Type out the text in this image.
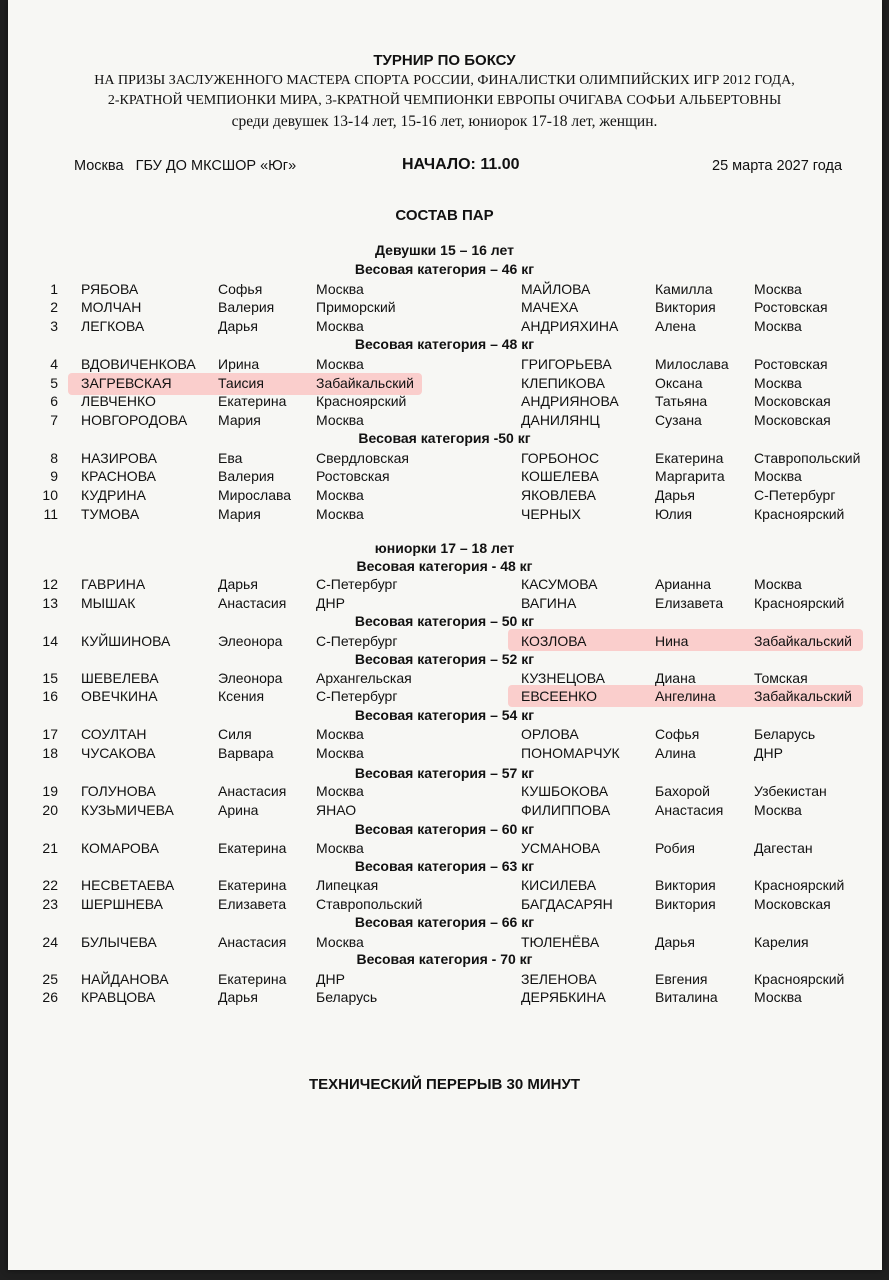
ТУРНИР ПО БОКСУ
НА ПРИЗЫ ЗАСЛУЖЕННОГО МАСТЕРА СПОРТА РОССИИ, ФИНАЛИСТКИ ОЛИМПИЙСКИХ ИГР 2012 ГОДА,
2-КРАТНОЙ ЧЕМПИОНКИ МИРА, 3-КРАТНОЙ ЧЕМПИОНКИ ЕВРОПЫ ОЧИГАВА СОФЬИ АЛЬБЕРТОВНЫ
среди девушек 13-14 лет, 15-16 лет, юниорок 17-18 лет, женщин.
Москва   ГБУ ДО МКСШОР «Юг»	НАЧАЛО: 11.00	25 марта 2027 года
СОСТАВ ПАР
Девушки 15 – 16 лет
Весовая категория – 46 кг
Весовая категория – 48 кг
Весовая категория -50 кг
юниорки 17 – 18 лет
Весовая категория - 48 кг
Весовая категория – 50 кг
Весовая категория – 52 кг
Весовая категория – 54 кг
Весовая категория – 57 кг
Весовая категория – 60 кг
Весовая категория – 63 кг
Весовая категория – 66 кг
Весовая категория - 70 кг
1 РЯБОВА	Софья	Москва	МАЙЛОВА	Камилла	Москва
2 МОЛЧАН	Валерия	Приморский	МАЧЕХА	Виктория	Ростовская
3 ЛЕГКОВА	Дарья	Москва	АНДРИЯХИНА	Алена	Москва
4 ВДОВИЧЕНКОВА Ирина	Москва	ГРИГОРЬЕВА	Милослава Ростовская
5 ЗАГРЕВСКАЯ	Таисия	Забайкальский	КЛЕПИКОВА	Оксана	Москва
6 ЛЕВЧЕНКО	Екатерина Красноярский	АНДРИЯНОВА	Татьяна	Московская
7 НОВГОРОДОВА Мария	Москва	ДАНИЛЯНЦ	Сузана	Московская
8 НАЗИРОВА	Ева	Свердловская	ГОРБОНОС	Екатерина Ставропольский
9 КРАСНОВА	Валерия	Ростовская	КОШЕЛЕВА	Маргарита Москва
10 КУДРИНА	Мирослава Москва	ЯКОВЛЕВА	Дарья	С-Петербург
11 ТУМОВА	Мария	Москва	ЧЕРНЫХ	Юлия	Красноярский
12 ГАВРИНА	Дарья	С-Петербург	КАСУМОВА	Арианна	Москва
13 МЫШАК	Анастасия ДНР	ВАГИНА	Елизавета Красноярский
14 КУЙШИНОВА	Элеонора С-Петербург	КОЗЛОВА	Нина	Забайкальский
15 ШЕВЕЛЕВА	Элеонора Архангельская	КУЗНЕЦОВА	Диана	Томская
16 ОВЕЧКИНА	Ксения	С-Петербург	ЕВСЕЕНКО	Ангелина	Забайкальский
17 СОУЛТАН	Силя	Москва	ОРЛОВА	Софья	Беларусь
18 ЧУСАКОВА	Варвара	Москва	ПОНОМАРЧУК	Алина	ДНР
19 ГОЛУНОВА	Анастасия Москва	КУШБОКОВА	Бахорой	Узбекистан
20 КУЗЬМИЧЕВА	Арина	ЯНАО	ФИЛИППОВА	Анастасия Москва
21 КОМАРОВА	Екатерина Москва	УСМАНОВА	Робия	Дагестан
22 НЕСВЕТАЕВА	Екатерина Липецкая	КИСИЛЕВА	Виктория	Красноярский
23 ШЕРШНЕВА	Елизавета Ставропольский	БАГДАСАРЯН	Виктория	Московская
24 БУЛЫЧЕВА	Анастасия Москва	ТЮЛЕНЁВА	Дарья	Карелия
25 НАЙДАНОВА	Екатерина ДНР	ЗЕЛЕНОВА	Евгения	Красноярский
26 КРАВЦОВА	Дарья	Беларусь	ДЕРЯБКИНА	Виталина	Москва
ТЕХНИЧЕСКИЙ ПЕРЕРЫВ 30 МИНУТ
